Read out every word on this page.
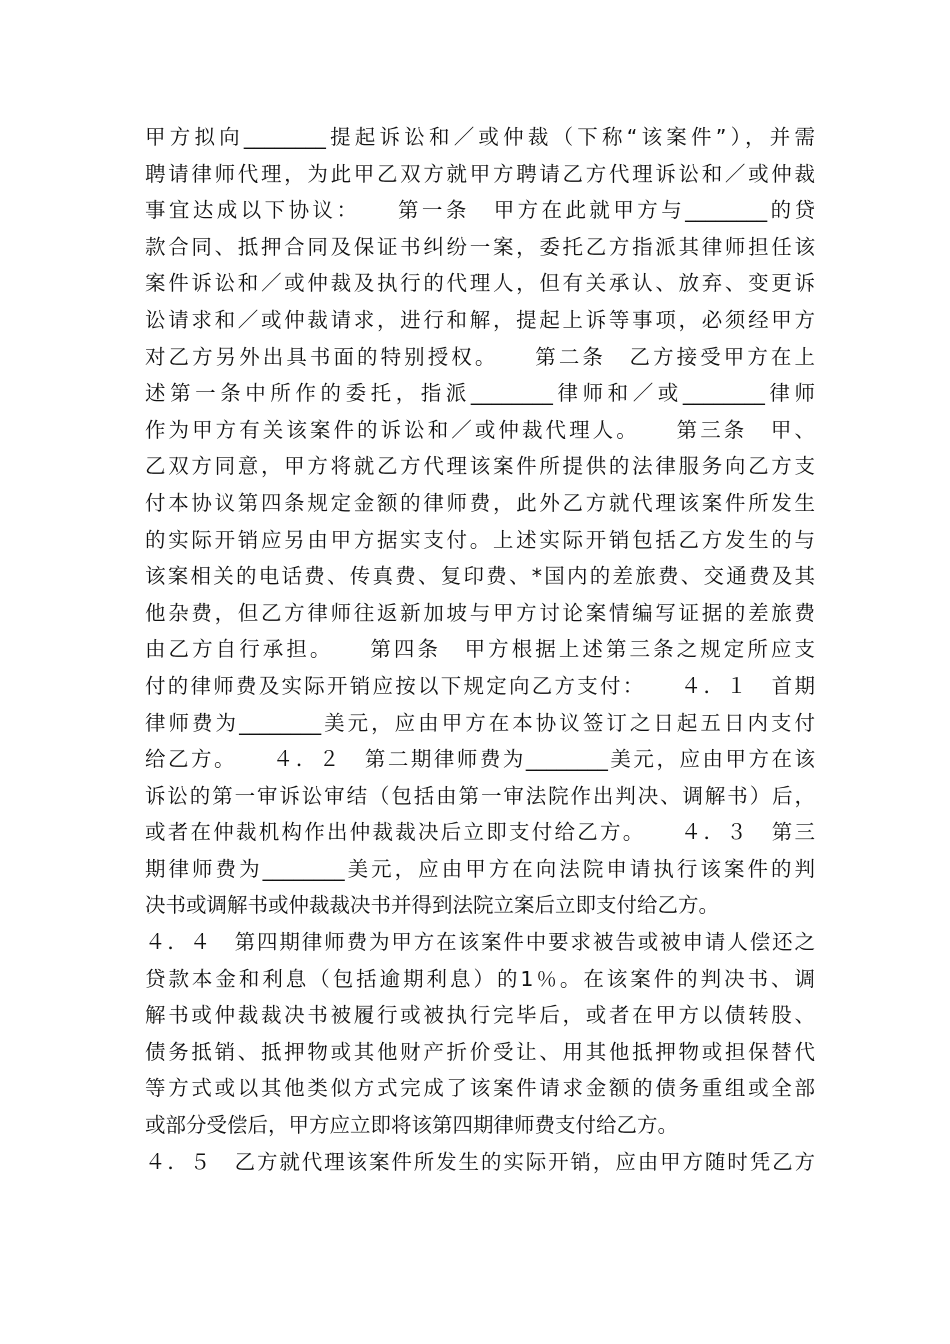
甲方拟向________提起诉讼和／或仲裁（下称“该案件”），并需
聘请律师代理，为此甲乙双方就甲方聘请乙方代理诉讼和／或仲裁
事宜达成以下协议：　　第一条　甲方在此就甲方与________的贷
款合同、抵押合同及保证书纠纷一案，委托乙方指派其律师担任该
案件诉讼和／或仲裁及执行的代理人，但有关承认、放弃、变更诉
讼请求和／或仲裁请求，进行和解，提起上诉等事项，必须经甲方
对乙方另外出具书面的特别授权。　　第二条　乙方接受甲方在上
述第一条中所作的委托，指派________律师和／或________律师
作为甲方有关该案件的诉讼和／或仲裁代理人。　　第三条　甲、
乙双方同意，甲方将就乙方代理该案件所提供的法律服务向乙方支
付本协议第四条规定金额的律师费，此外乙方就代理该案件所发生
的实际开销应另由甲方据实支付。上述实际开销包括乙方发生的与
该案相关的电话费、传真费、复印费、*国内的差旅费、交通费及其
他杂费，但乙方律师往返新加坡与甲方讨论案情编写证据的差旅费
由乙方自行承担。　　第四条　甲方根据上述第三条之规定所应支
付的律师费及实际开销应按以下规定向乙方支付：　　４．１　首期
律师费为________美元，应由甲方在本协议签订之日起五日内支付
给乙方。　　４．２　第二期律师费为________美元，应由甲方在该
诉讼的第一审诉讼审结（包括由第一审法院作出判决、调解书）后，
或者在仲裁机构作出仲裁裁决后立即支付给乙方。　　４．３　第三
期律师费为________美元，应由甲方在向法院申请执行该案件的判
决书或调解书或仲裁裁决书并得到法院立案后立即支付给乙方。
４．４　第四期律师费为甲方在该案件中要求被告或被申请人偿还之
贷款本金和利息（包括逾期利息）的1％。在该案件的判决书、调
解书或仲裁裁决书被履行或被执行完毕后，或者在甲方以债转股、
债务抵销、抵押物或其他财产折价受让、用其他抵押物或担保替代
等方式或以其他类似方式完成了该案件请求金额的债务重组或全部
或部分受偿后，甲方应立即将该第四期律师费支付给乙方。
４．５　乙方就代理该案件所发生的实际开销，应由甲方随时凭乙方
